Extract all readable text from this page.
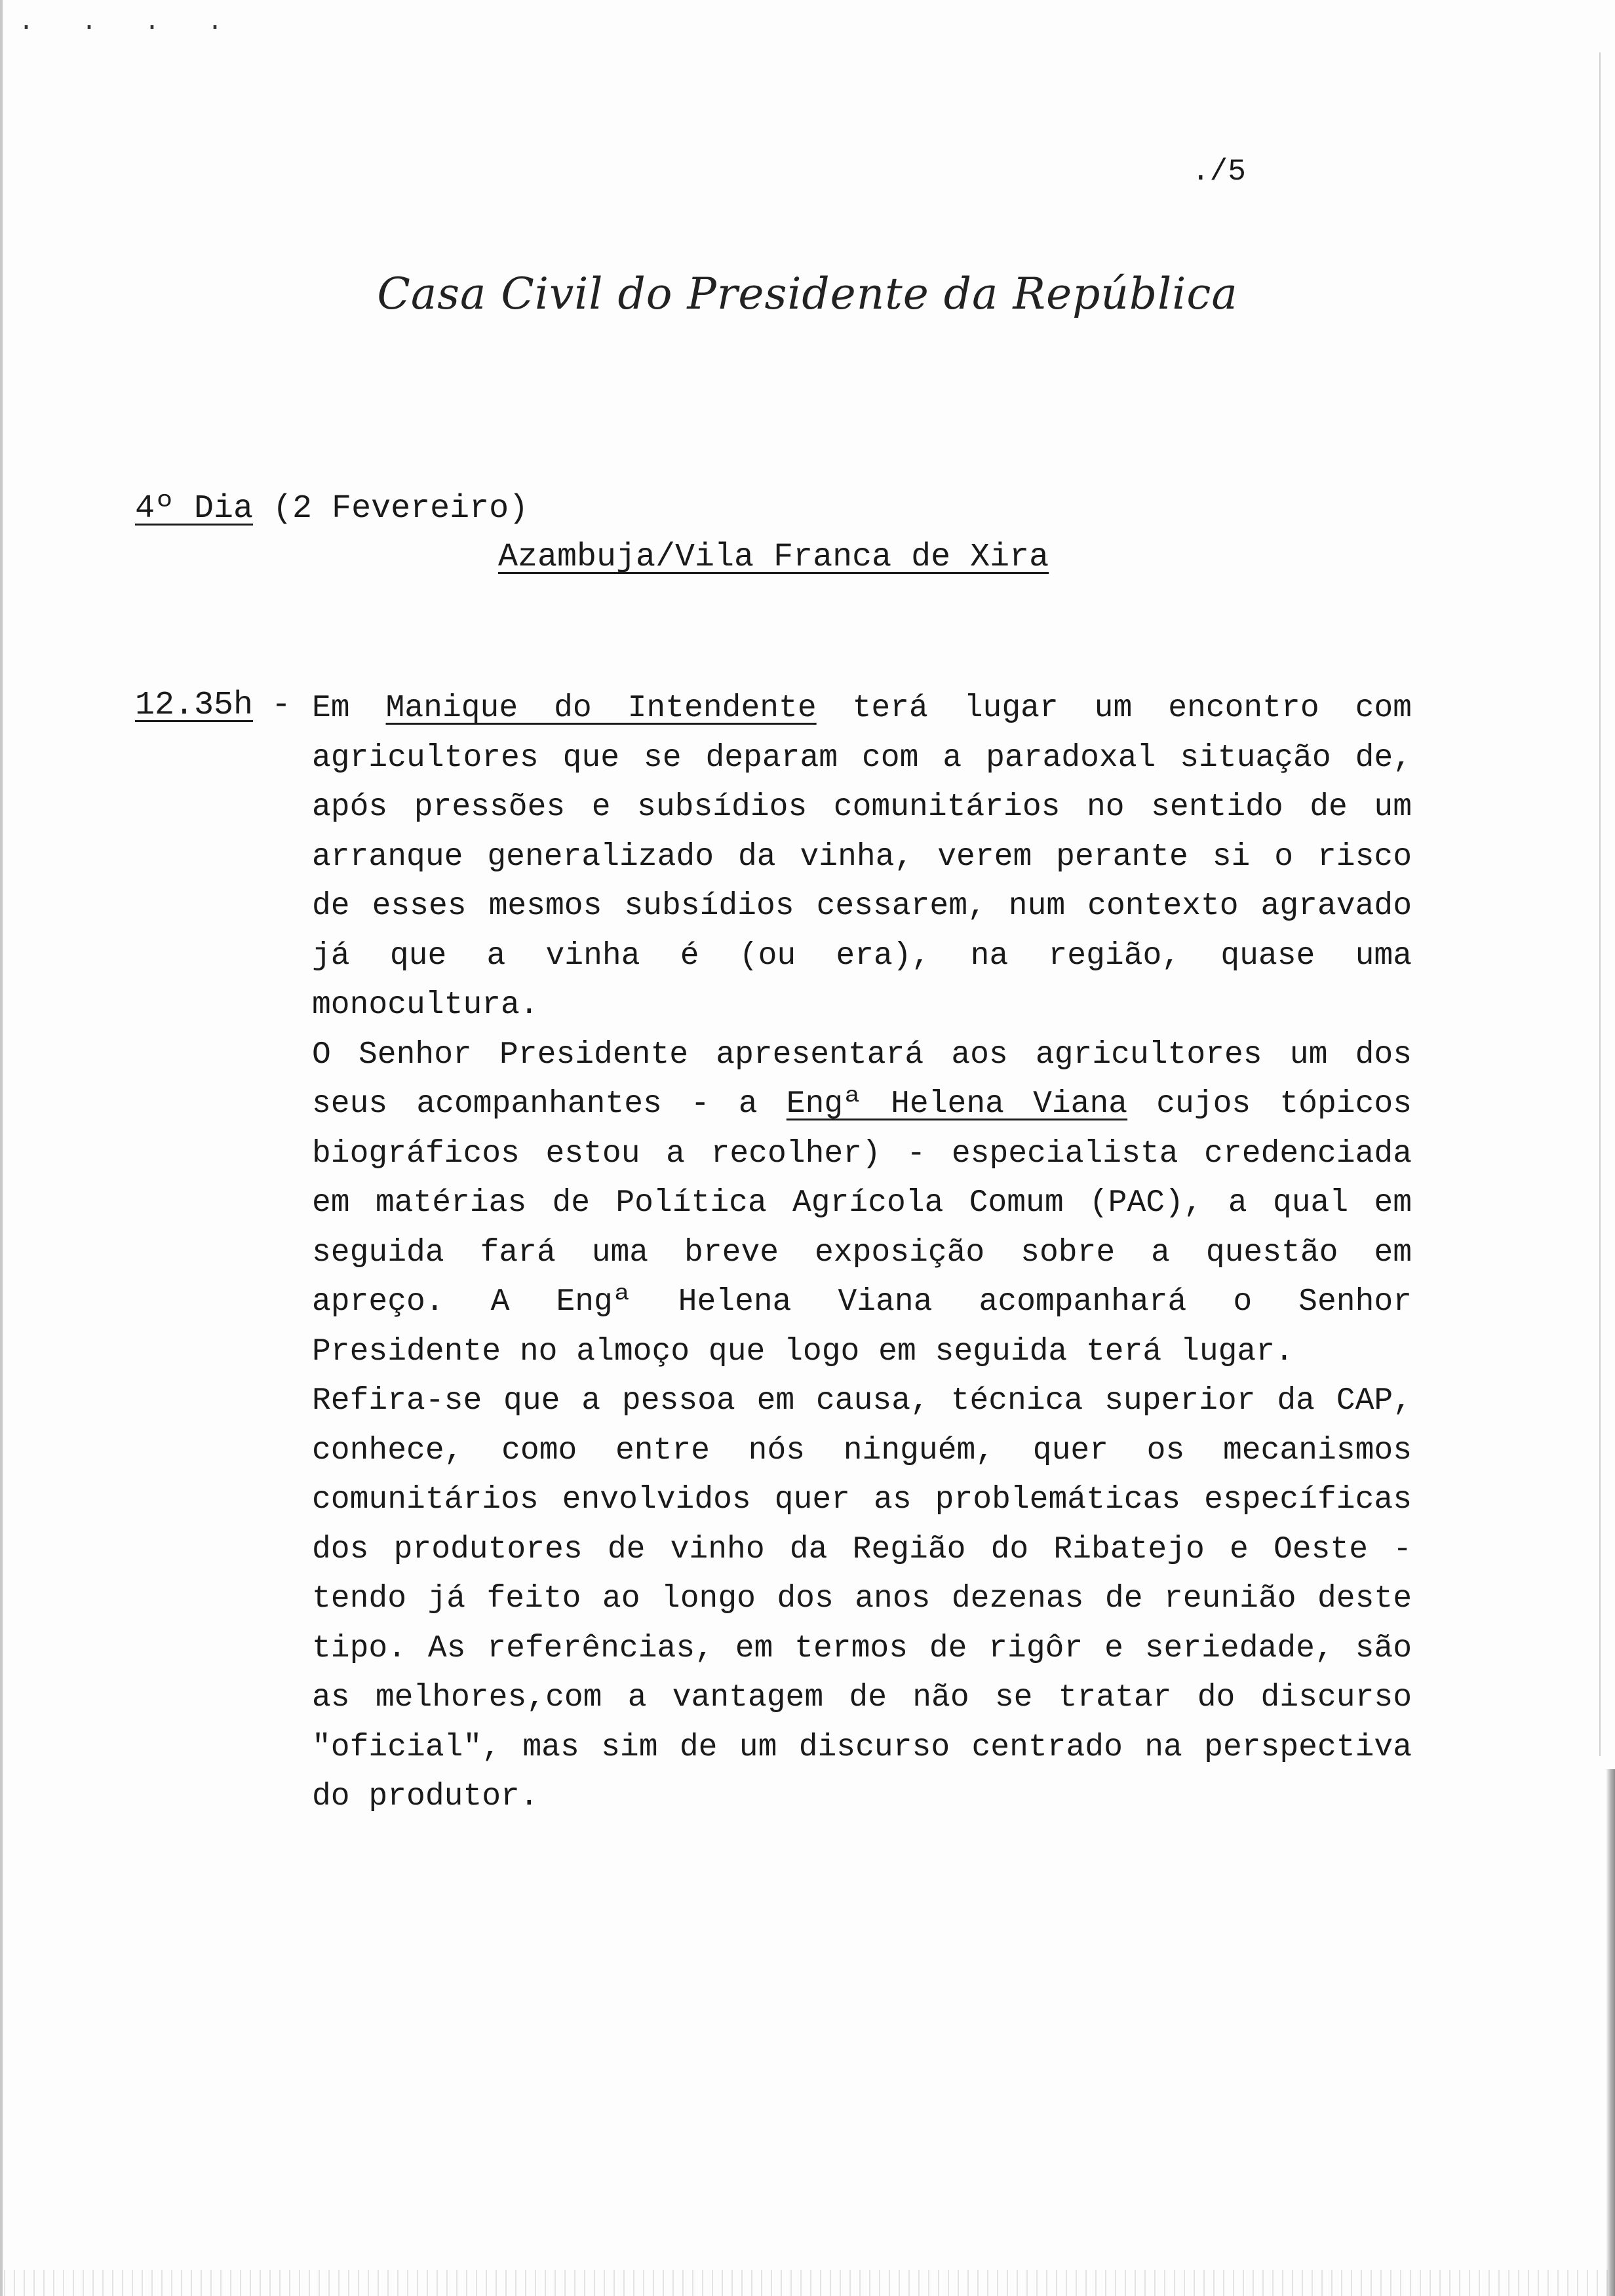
· · · ·
./5
Casa Civil do Presidente da República
4º Dia (2 Fevereiro)
Azambuja/Vila Franca de Xira
12.35h - Em Manique do Intendente terá lugar um encontro com agricultores que se deparam com a paradoxal situação de, após pressões e subsídios comunitários no sentido de um arranque generalizado da vinha, verem perante si o risco de esses mesmos subsídios cessarem, num contexto agravado já que a vinha é (ou era), na região, quase uma monocultura.

O Senhor Presidente apresentará aos agricultores um dos seus acompanhantes - a Engª Helena Viana cujos tópicos biográficos estou a recolher) - especialista credenciada em matérias de Política Agrícola Comum (PAC), a qual em seguida fará uma breve exposição sobre a questão em apreço. A Engª Helena Viana acompanhará o Senhor Presidente no almoço que logo em seguida terá lugar.

Refira-se que a pessoa em causa, técnica superior da CAP, conhece, como entre nós ninguém, quer os mecanismos comunitários envolvidos quer as problemáticas específicas dos produtores de vinho da Região do Ribatejo e Oeste - tendo já feito ao longo dos anos dezenas de reunião deste tipo. As referências, em termos de rigôr e seriedade, são as melhores,com a vantagem de não se tratar do discurso "oficial", mas sim de um discurso centrado na perspectiva do produtor.
